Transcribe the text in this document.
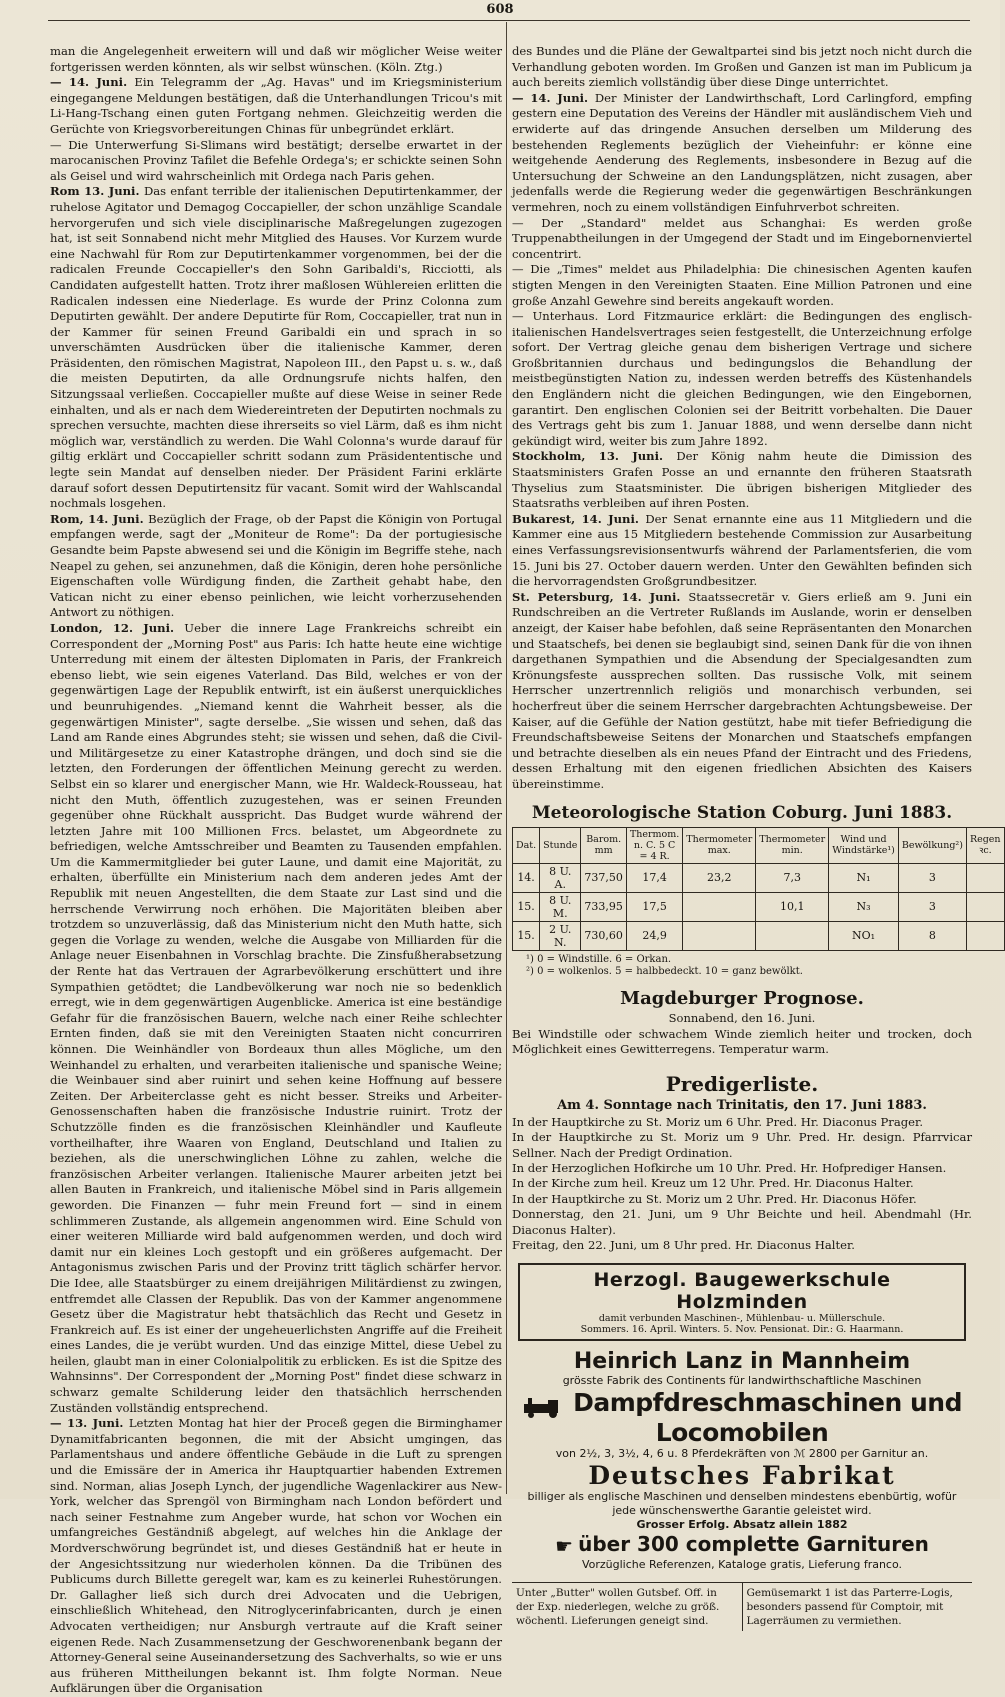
608

man die Angelegenheit erweitern will und daß wir möglicher Weise weiter fortgerissen werden könnten, als wir selbst wünschen. (Köln. Ztg.)

— 14. Juni. Ein Telegramm der „Ag. Havas" und im Kriegsministerium eingegangene Meldungen bestätigen, daß die Unterhandlungen Tricou's mit Li-Hang-Tschang einen guten Fortgang nehmen. Gleichzeitig werden die Gerüchte von Kriegsvorbereitungen Chinas für unbegründet erklärt.

— Die Unterwerfung Si-Slimans wird bestätigt; derselbe erwartet in der marocanischen Provinz Tafilet die Befehle Ordega's; er schickte seinen Sohn als Geisel und wird wahrscheinlich mit Ordega nach Paris gehen.

Rom 13. Juni. Das enfant terrible der italienischen Deputirtenkammer, der ruhelose Agitator und Demagog Coccapieller, der schon unzählige Scandale hervorgerufen und sich viele disciplinarische Maßregelungen zugezogen hat, ist seit Sonnabend nicht mehr Mitglied des Hauses. Vor Kurzem wurde eine Nachwahl für Rom zur Deputirtenkammer vorgenommen, bei der die radicalen Freunde Coccapieller's den Sohn Garibaldi's, Ricciotti, als Candidaten aufgestellt hatten. Trotz ihrer maßlosen Wühlereien erlitten die Radicalen indessen eine Niederlage. Es wurde der Prinz Colonna zum Deputirten gewählt. Der andere Deputirte für Rom, Coccapieller, trat nun in der Kammer für seinen Freund Garibaldi ein und sprach in so unverschämten Ausdrücken über die italienische Kammer, deren Präsidenten, den römischen Magistrat, Napoleon III., den Papst u. s. w., daß die meisten Deputirten, da alle Ordnungsrufe nichts halfen, den Sitzungssaal verließen. Coccapieller mußte auf diese Weise in seiner Rede einhalten, und als er nach dem Wiedereintreten der Deputirten nochmals zu sprechen versuchte, machten diese ihrerseits so viel Lärm, daß es ihm nicht möglich war, verständlich zu werden. Die Wahl Colonna's wurde darauf für giltig erklärt und Coccapieller schritt sodann zum Präsidententische und legte sein Mandat auf denselben nieder. Der Präsident Farini erklärte darauf sofort dessen Deputirtensitz für vacant. Somit wird der Wahlscandal nochmals losgehen.

Rom, 14. Juni. Bezüglich der Frage, ob der Papst die Königin von Portugal empfangen werde, sagt der „Moniteur de Rome": Da der portugiesische Gesandte beim Papste abwesend sei und die Königin im Begriffe stehe, nach Neapel zu gehen, sei anzunehmen, daß die Königin, deren hohe persönliche Eigenschaften volle Würdigung finden, die Zartheit gehabt habe, den Vatican nicht zu einer ebenso peinlichen, wie leicht vorherzusehenden Antwort zu nöthigen.

London, 12. Juni. Ueber die innere Lage Frankreichs schreibt ein Correspondent der „Morning Post" aus Paris: Ich hatte heute eine wichtige Unterredung mit einem der ältesten Diplomaten in Paris, der Frankreich ebenso liebt, wie sein eigenes Vaterland. Das Bild, welches er von der gegenwärtigen Lage der Republik entwirft, ist ein äußerst unerquickliches und beunruhigendes. „Niemand kennt die Wahrheit besser, als die gegenwärtigen Minister", sagte derselbe. „Sie wissen und sehen, daß das Land am Rande eines Abgrundes steht; sie wissen und sehen, daß die Civil- und Militärgesetze zu einer Katastrophe drängen, und doch sind sie die letzten, den Forderungen der öffentlichen Meinung gerecht zu werden. Selbst ein so klarer und energischer Mann, wie Hr. Waldeck-Rousseau, hat nicht den Muth, öffentlich zuzugestehen, was er seinen Freunden gegenüber ohne Rückhalt ausspricht. Das Budget wurde während der letzten Jahre mit 100 Millionen Frcs. belastet, um Abgeordnete zu befriedigen, welche Amtsschreiber und Beamten zu Tausenden empfahlen. Um die Kammermitglieder bei guter Laune, und damit eine Majorität, zu erhalten, überfüllte ein Ministerium nach dem anderen jedes Amt der Republik mit neuen Angestellten, die dem Staate zur Last sind und die herrschende Verwirrung noch erhöhen. Die Majoritäten bleiben aber trotzdem so unzuverlässig, daß das Ministerium nicht den Muth hatte, sich gegen die Vorlage zu wenden, welche die Ausgabe von Milliarden für die Anlage neuer Eisenbahnen in Vorschlag brachte. Die Zinsfußherabsetzung der Rente hat das Vertrauen der Agrarbevölkerung erschüttert und ihre Sympathien getödtet; die Landbevölkerung war noch nie so bedenklich erregt, wie in dem gegenwärtigen Augenblicke. America ist eine beständige Gefahr für die französischen Bauern, welche nach einer Reihe schlechter Ernten finden, daß sie mit den Vereinigten Staaten nicht concurriren können. Die Weinhändler von Bordeaux thun alles Mögliche, um den Weinhandel zu erhalten, und verarbeiten italienische und spanische Weine; die Weinbauer sind aber ruinirt und sehen keine Hoffnung auf bessere Zeiten. Der Arbeiterclasse geht es nicht besser. Streiks und Arbeiter-Genossenschaften haben die französische Industrie ruinirt. Trotz der Schutzzölle finden es die französischen Kleinhändler und Kaufleute vortheilhafter, ihre Waaren von England, Deutschland und Italien zu beziehen, als die unerschwinglichen Löhne zu zahlen, welche die französischen Arbeiter verlangen. Italienische Maurer arbeiten jetzt bei allen Bauten in Frankreich, und italienische Möbel sind in Paris allgemein geworden. Die Finanzen — fuhr mein Freund fort — sind in einem schlimmeren Zustande, als allgemein angenommen wird. Eine Schuld von einer weiteren Milliarde wird bald aufgenommen werden, und doch wird damit nur ein kleines Loch gestopft und ein größeres aufgemacht. Der Antagonismus zwischen Paris und der Provinz tritt täglich schärfer hervor. Die Idee, alle Staatsbürger zu einem dreijährigen Militärdienst zu zwingen, entfremdet alle Classen der Republik. Das von der Kammer angenommene Gesetz über die Magistratur hebt thatsächlich das Recht und Gesetz in Frankreich auf. Es ist einer der ungeheuerlichsten Angriffe auf die Freiheit eines Landes, die je verübt wurden. Und das einzige Mittel, diese Uebel zu heilen, glaubt man in einer Colonialpolitik zu erblicken. Es ist die Spitze des Wahnsinns". Der Correspondent der „Morning Post" findet diese schwarz in schwarz gemalte Schilderung leider den thatsächlich herrschenden Zuständen vollständig entsprechend.

— 13. Juni. Letzten Montag hat hier der Proceß gegen die Birminghamer Dynamitfabricanten begonnen, die mit der Absicht umgingen, das Parlamentshaus und andere öffentliche Gebäude in die Luft zu sprengen und die Emissäre der in America ihr Hauptquartier habenden Extremen sind. Norman, alias Joseph Lynch, der jugendliche Wagenlackirer aus New-York, welcher das Sprengöl von Birmingham nach London befördert und nach seiner Festnahme zum Angeber wurde, hat schon vor Wochen ein umfangreiches Geständniß abgelegt, auf welches hin die Anklage der Mordverschwörung begründet ist, und dieses Geständniß hat er heute in der Angesichtssitzung nur wiederholen können. Da die Tribünen des Publicums durch Billette geregelt war, kam es zu keinerlei Ruhestörungen. Dr. Gallagher ließ sich durch drei Advocaten und die Uebrigen, einschließlich Whitehead, den Nitroglycerinfabricanten, durch je einen Advocaten vertheidigen; nur Ansburgh vertraute auf die Kraft seiner eigenen Rede. Nach Zusammensetzung der Geschworenenbank begann der Attorney-General seine Auseinandersetzung des Sachverhalts, so wie er uns aus früheren Mittheilungen bekannt ist. Ihm folgte Norman. Neue Aufklärungen über die Organisation

des Bundes und die Pläne der Gewaltpartei sind bis jetzt noch nicht durch die Verhandlung geboten worden. Im Großen und Ganzen ist man im Publicum ja auch bereits ziemlich vollständig über diese Dinge unterrichtet.

— 14. Juni. Der Minister der Landwirthschaft, Lord Carlingford, empfing gestern eine Deputation des Vereins der Händler mit ausländischem Vieh und erwiderte auf das dringende Ansuchen derselben um Milderung des bestehenden Reglements bezüglich der Vieheinfuhr: er könne eine weitgehende Aenderung des Reglements, insbesondere in Bezug auf die Untersuchung der Schweine an den Landungsplätzen, nicht zusagen, aber jedenfalls werde die Regierung weder die gegenwärtigen Beschränkungen vermehren, noch zu einem vollständigen Einfuhrverbot schreiten.

— Der „Standard" meldet aus Schanghai: Es werden große Truppenabtheilungen in der Umgegend der Stadt und im Eingebornenviertel concentrirt.

— Die „Times" meldet aus Philadelphia: Die chinesischen Agenten kaufen stigten Mengen in den Vereinigten Staaten. Eine Million Patronen und eine große Anzahl Gewehre sind bereits angekauft worden.

— Unterhaus. Lord Fitzmaurice erklärt: die Bedingungen des englisch-italienischen Handelsvertrages seien festgestellt, die Unterzeichnung erfolge sofort. Der Vertrag gleiche genau dem bisherigen Vertrage und sichere Großbritannien durchaus und bedingungslos die Behandlung der meistbegünstigten Nation zu, indessen werden betreffs des Küstenhandels den Engländern nicht die gleichen Bedingungen, wie den Eingebornen, garantirt. Den englischen Colonien sei der Beitritt vorbehalten. Die Dauer des Vertrags geht bis zum 1. Januar 1888, und wenn derselbe dann nicht gekündigt wird, weiter bis zum Jahre 1892.

Stockholm, 13. Juni. Der König nahm heute die Dimission des Staatsministers Grafen Posse an und ernannte den früheren Staatsrath Thyselius zum Staatsminister. Die übrigen bisherigen Mitglieder des Staatsraths verbleiben auf ihren Posten.

Bukarest, 14. Juni. Der Senat ernannte eine aus 11 Mitgliedern und die Kammer eine aus 15 Mitgliedern bestehende Commission zur Ausarbeitung eines Verfassungsrevisionsentwurfs während der Parlamentsferien, die vom 15. Juni bis 27. October dauern werden. Unter den Gewählten befinden sich die hervorragendsten Großgrundbesitzer.

St. Petersburg, 14. Juni. Staatssecretär v. Giers erließ am 9. Juni ein Rundschreiben an die Vertreter Rußlands im Auslande, worin er denselben anzeigt, der Kaiser habe befohlen, daß seine Repräsentanten den Monarchen und Staatschefs, bei denen sie beglaubigt sind, seinen Dank für die von ihnen dargethanen Sympathien und die Absendung der Specialgesandten zum Krönungsfeste aussprechen sollten. Das russische Volk, mit seinem Herrscher unzertrennlich religiös und monarchisch verbunden, sei hocherfreut über die seinem Herrscher dargebrachten Achtungsbeweise. Der Kaiser, auf die Gefühle der Nation gestützt, habe mit tiefer Befriedigung die Freundschaftsbeweise Seitens der Monarchen und Staatschefs empfangen und betrachte dieselben als ein neues Pfand der Eintracht und des Friedens, dessen Erhaltung mit den eigenen friedlichen Absichten des Kaisers übereinstimme.

Meteorologische Station Coburg. Juni 1883.
Dat.	Stunde	Barom. mm	Thermom. n. C. 5 C = 4 R.	Thermometer max.	Thermometer min.	Wind und Windstärke¹)	Bewölkung²)	Regen ꝛc.
14.	8 U. A.	737,50	17,4	23,2	7,3	N₁	3	
15.	8 U. M.	733,95	17,5		10,1	N₃	3	
15.	2 U. N.	730,60	24,9			NO₁	8	
¹) 0 = Windstille. 6 = Orkan.
²) 0 = wolkenlos. 5 = halbbedeckt. 10 = ganz bewölkt.
Magdeburger Prognose.
Sonnabend, den 16. Juni.

Bei Windstille oder schwachem Winde ziemlich heiter und trocken, doch Möglichkeit eines Gewitterregens. Temperatur warm.

Predigerliste.
Am 4. Sonntage nach Trinitatis, den 17. Juni 1883.

In der Hauptkirche zu St. Moriz um 6 Uhr. Pred. Hr. Diaconus Prager.

In der Hauptkirche zu St. Moriz um 9 Uhr. Pred. Hr. design. Pfarrvicar Sellner. Nach der Predigt Ordination.

In der Herzoglichen Hofkirche um 10 Uhr. Pred. Hr. Hofprediger Hansen.

In der Kirche zum heil. Kreuz um 12 Uhr. Pred. Hr. Diaconus Halter.

In der Hauptkirche zu St. Moriz um 2 Uhr. Pred. Hr. Diaconus Höfer.

Donnerstag, den 21. Juni, um 9 Uhr Beichte und heil. Abendmahl (Hr. Diaconus Halter).

Freitag, den 22. Juni, um 8 Uhr pred. Hr. Diaconus Halter.

Herzogl. Baugewerkschule Holzminden
damit verbunden Maschinen-, Mühlenbau- u. Müllerschule.
Sommers. 16. April. Winters. 5. Nov. Pensionat. Dir.: G. Haarmann.
Heinrich Lanz in Mannheim
grösste Fabrik des Continents für landwirthschaftliche Maschinen
Dampfdreschmaschinen und Locomobilen
von 2½, 3, 3½, 4, 6 u. 8 Pferdekräften von ℳ 2800 per Garnitur an.
Deutsches Fabrikat
billiger als englische Maschinen und denselben mindestens ebenbürtig, wofür jede wünschenswerthe Garantie geleistet wird.
Grosser Erfolg. Absatz allein 1882
☛ über 300 complette Garnituren
Vorzügliche Referenzen, Kataloge gratis, Lieferung franco.
Unter „Butter" wollen Gutsbef. Off. in der Exp. niederlegen, welche zu größ. wöchentl. Lieferungen geneigt sind.
Gemüsemarkt 1 ist das Parterre-Logis, besonders passend für Comptoir, mit Lagerräumen zu vermiethen.
